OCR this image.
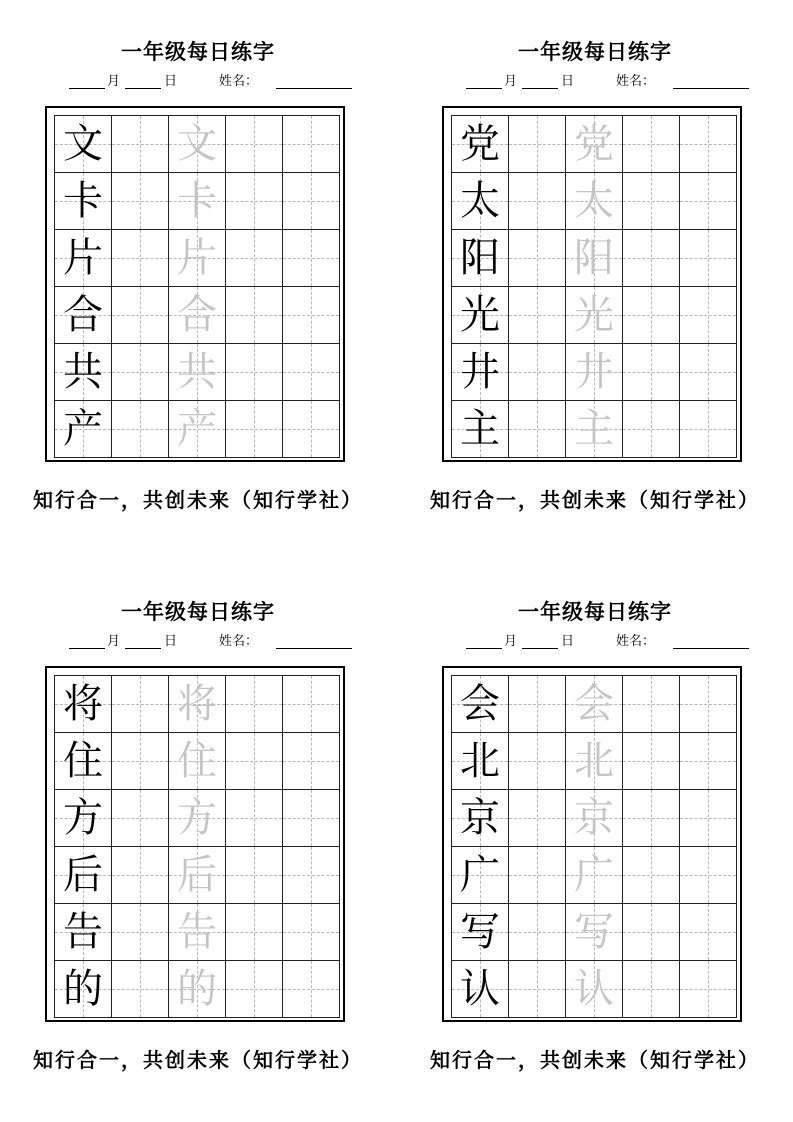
一年级每日练字
月	日	姓名：
文 文
卡 卡
片 片
合 合
共 共
产 产
知行合一，共创未来（知行学社）
一年级每日练字
月	日	姓名：
党 党
太 太
阳 阳
光 光
井 井
主 主
知行合一，共创未来（知行学社）
一年级每日练字
月	日	姓名：
将 将
住 住
方 方
后 后
告 告
的 的
知行合一，共创未来（知行学社）
一年级每日练字
月	日	姓名：
会 会
北 北
京 京
广 广
写 写
认 认
知行合一，共创未来（知行学社）
